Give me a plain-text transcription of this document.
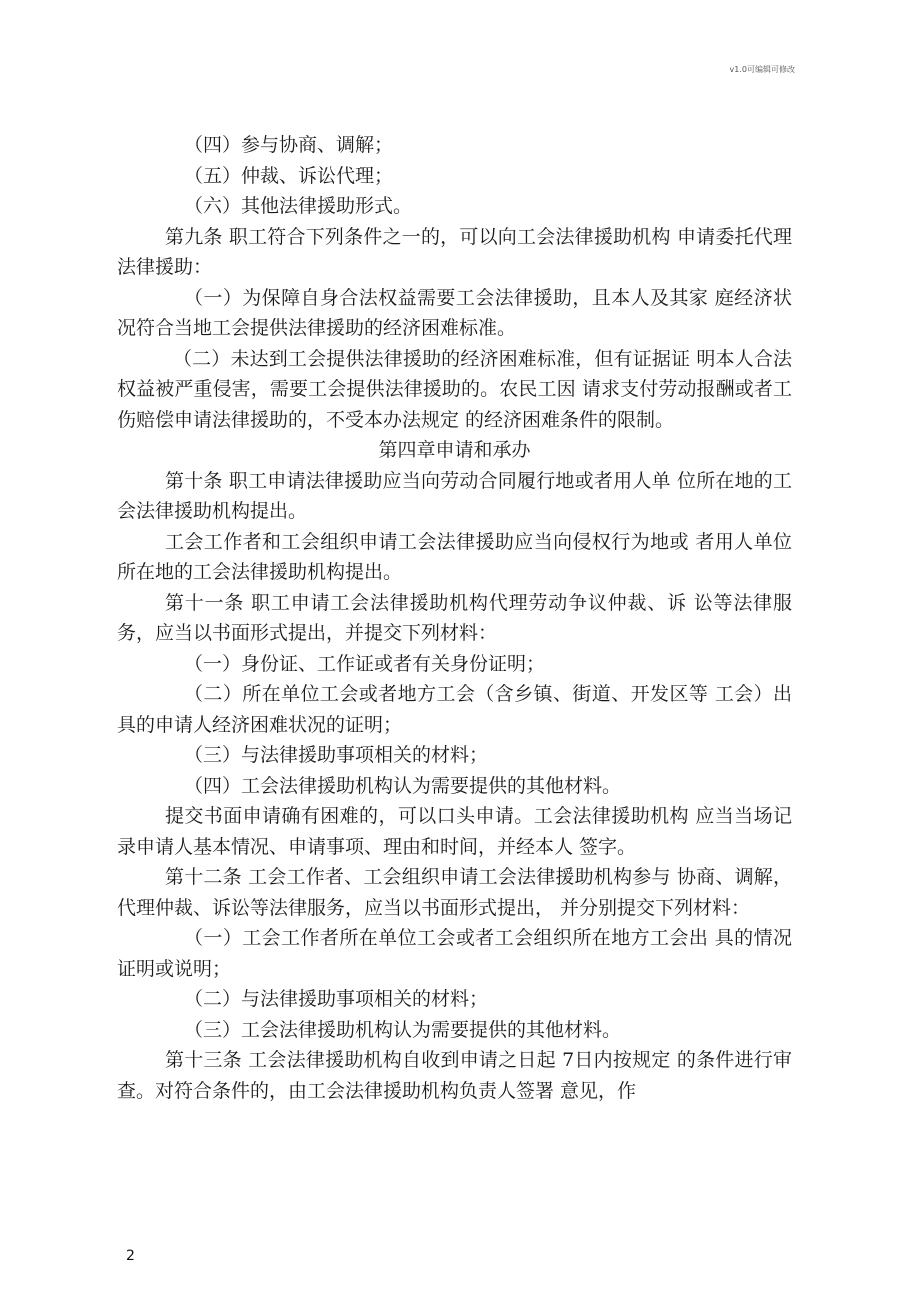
v1.0可编辑可修改

（四）参与协商、调解；

（五）仲裁、诉讼代理；

（六）其他法律援助形式。

第九条 职工符合下列条件之一的，可以向工会法律援助机构 申请委托代理法律援助：

（一）为保障自身合法权益需要工会法律援助，且本人及其家 庭经济状况符合当地工会提供法律援助的经济困难标准。

（二）未达到工会提供法律援助的经济困难标准，但有证据证 明本人合法权益被严重侵害，需要工会提供法律援助的。农民工因 请求支付劳动报酬或者工伤赔偿申请法律援助的，不受本办法规定 的经济困难条件的限制。

第四章申请和承办

第十条 职工申请法律援助应当向劳动合同履行地或者用人单 位所在地的工会法律援助机构提出。

工会工作者和工会组织申请工会法律援助应当向侵权行为地或 者用人单位所在地的工会法律援助机构提出。

第十一条 职工申请工会法律援助机构代理劳动争议仲裁、诉 讼等法律服务，应当以书面形式提出，并提交下列材料：

（一）身份证、工作证或者有关身份证明；

（二）所在单位工会或者地方工会（含乡镇、街道、开发区等 工会）出具的申请人经济困难状况的证明；

（三）与法律援助事项相关的材料；

（四）工会法律援助机构认为需要提供的其他材料。

提交书面申请确有困难的，可以口头申请。工会法律援助机构 应当当场记录申请人基本情况、申请事项、理由和时间，并经本人 签字。

第十二条 工会工作者、工会组织申请工会法律援助机构参与 协商、调解，代理仲裁、诉讼等法律服务，应当以书面形式提出， 并分别提交下列材料：

（一）工会工作者所在单位工会或者工会组织所在地方工会出 具的情况证明或说明；

（二）与法律援助事项相关的材料；

（三）工会法律援助机构认为需要提供的其他材料。

第十三条 工会法律援助机构自收到申请之日起 7日内按规定 的条件进行审查。对符合条件的，由工会法律援助机构负责人签署 意见，作

2
